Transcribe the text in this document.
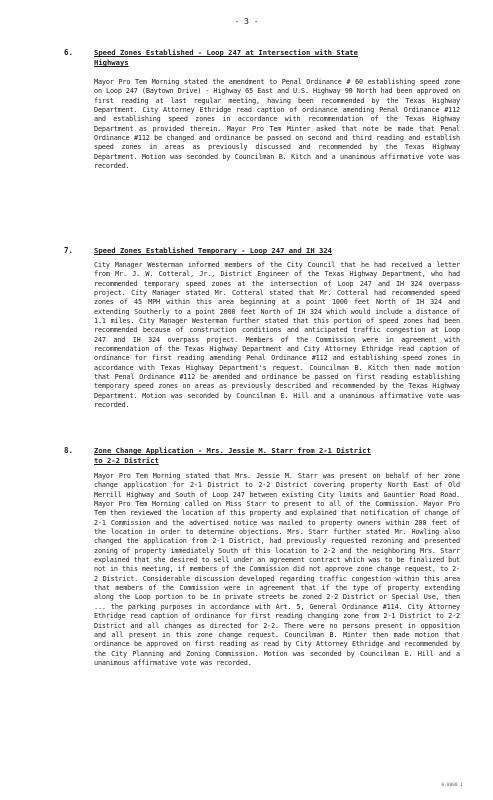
- 3 -
6.	Speed Zones Established - Loop 247 at Intersection with State
Highways
Mayor Pro Tem Morning stated the amendment to Penal Ordinance # 60 establishing speed zone on Loop 247 (Baytown Drive) - Highway 65 East and U.S. Highway 90 North had been approved on first reading at last regular meeting, having been recommended by the Texas Highway Department. City Attorney Ethridge read caption of ordinance amending Penal Ordinance #112 and establishing speed zones in accordance with recommendation of the Texas Highway Department as provided therein. Mayor Pro Tem Minter asked that note be made that Penal Ordinance #112 be changed and ordinance be passed on second and third reading and establish speed zones in areas as previously discussed and recommended by the Texas Highway Department. Motion was seconded by Councilman B. Kitch and a unanimous affirmative vote was recorded.
7.	Speed Zones Established Temporary - Loop 247 and IH 324
City Manager Westerman informed members of the City Council that he had received a letter from Mr. J. W. Cotteral, Jr., District Engineer of the Texas Highway Department, who had recommended temporary speed zones at the intersection of Loop 247 and IH 324 overpass project. City Manager stated Mr. Cotteral stated that Mr. Cotteral had recommended speed zones of 45 MPH within this area beginning at a point 1000 feet North of IH 324 and extending Southerly to a point 2000 feet North of IH 324 which would include a distance of 1.1 miles. City Manager Westerman further stated that this portion of speed zones had been recommended because of construction conditions and anticipated traffic congestion at Loop 247 and IH 324 overpass project. Members of the Commission were in agreement with recommendation of the Texas Highway Department and City Attorney Ethridge read caption of ordinance for first reading amending Penal Ordinance #112 and establishing speed zones in accordance with Texas Highway Department's request. Councilman B. Kitch then made motion that Penal Ordinance #112 be amended and ordinance be passed on first reading establishing temporary speed zones on areas as previously described and recommended by the Texas Highway Department. Motion was seconded by Councilman E. Hill and a unanimous affirmative vote was recorded.
8.	Zone Change Application - Mrs. Jessie M. Starr from 2-1 District
to 2-2 District
Mayor Pro Tem Morning stated that Mrs. Jessie M. Starr was present on behalf of her zone change application for 2-1 District to 2-2 District covering property North East of Old Merrill Highway and South of Loop 247 between existing City limits and Gauntier Road Road. Mayor Pro Tem Morning called on Miss Starr to present to all of the Commission. Mayor Pro Tem then reviewed the location of this property and explained that notification of change of 2-1 Commission and the advertised notice was mailed to property owners within 200 feet of the location in order to determine objections. Mrs. Starr further stated Mr. Howling also changed the application from 2-1 District, had previously requested rezoning and presented zoning of property immediately South of this location to 2-2 and the neighboring Mrs. Starr explained that she desired to sell under an agreement contract which was to be finalized but not in this meeting, if members of the Commission did not approve zone change request, to 2-2 District. Considerable discussion developed regarding traffic congestion within this area that members of the Commission were in agreement that if the type of property extending along the Loop portion to be in private streets be zoned 2-2 District or Special Use, then ... the parking purposes in accordance with Art. 5, General Ordinance #114. City Attorney Ethridge read caption of ordinance for first reading changing zone from 2-1 District to 2-2 District and all changes as directed for 2-2. There were no persons present in opposition and all present in this zone change request. Councilman B. Minter then made motion that ordinance be approved on first reading as read by City Attorney Ethridge and recommended by the City Planning and Zoning Commission. Motion was seconded by Councilman E. Hill and a unanimous affirmative vote was recorded.
0.0000 1
